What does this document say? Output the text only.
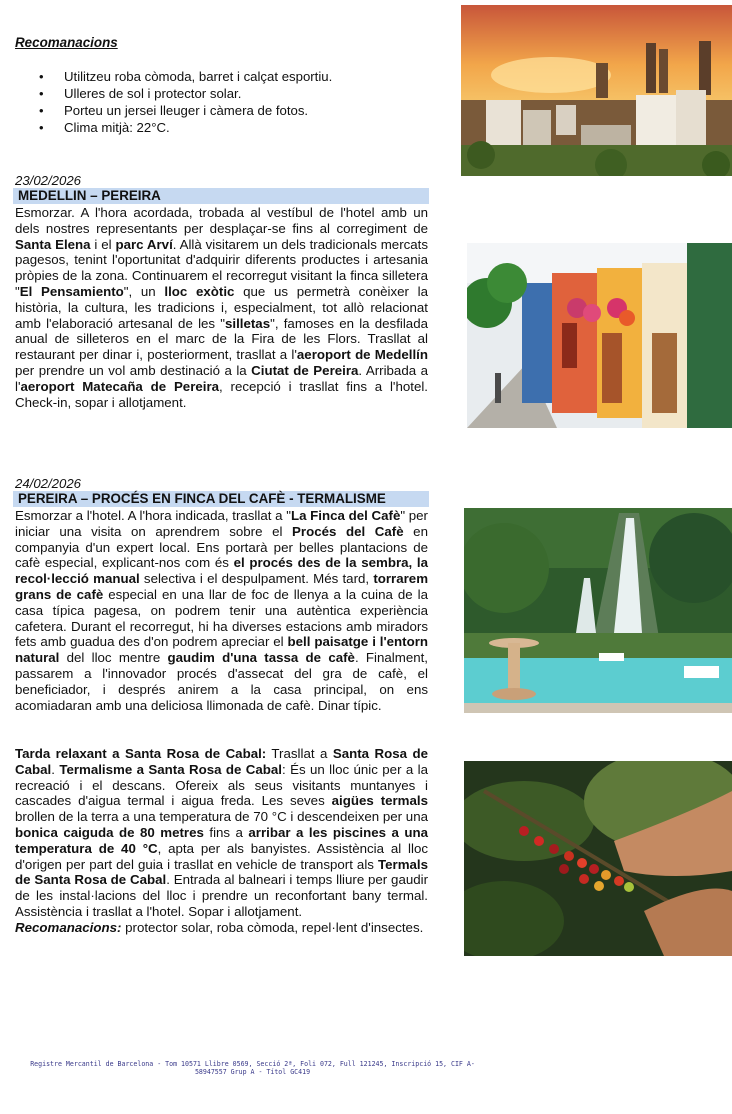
Recomanacions
• Utilitzeu roba còmoda, barret i calçat esportiu.
• Ulleres de sol i protector solar.
• Porteu un jersei lleuger i càmera de fotos.
• Clima mitjà: 22°C.
23/02/2026
MEDELLIN – PEREIRA

Esmorzar. A l'hora acordada, trobada al vestíbul de l'hotel amb un dels nostres representants per desplaçar-se fins al corregiment de Santa Elena i el parc Arví. Allà visitarem un dels tradicionals mercats pagesos, tenint l'oportunitat d'adquirir diferents productes i artesania pròpies de la zona. Continuarem el recorregut visitant la finca silletera "El Pensamiento", un lloc exòtic que us permetrà conèixer la història, la cultura, les tradicions i, especialment, tot allò relacionat amb l'elaboració artesanal de les "silletas", famoses en la desfilada anual de silleteros en el marc de la Fira de les Flors. Trasllat al restaurant per dinar i, posteriorment, trasllat a l'aeroport de Medellín per prendre un vol amb destinació a la Ciutat de Pereira. Arribada a l'aeroport Matecaña de Pereira, recepció i trasllat fins a l'hotel. Check-in, sopar i allotjament.

24/02/2026
PEREIRA – PROCÉS EN FINCA DEL CAFÈ - TERMALISME

Esmorzar a l'hotel. A l'hora indicada, trasllat a "La Finca del Cafè" per iniciar una visita on aprendrem sobre el Procés del Cafè en companyia d'un expert local. Ens portarà per belles plantacions de cafè especial, explicant-nos com és el procés des de la sembra, la recol·lecció manual selectiva i el despulpament. Més tard, torrarem grans de cafè especial en una llar de foc de llenya a la cuina de la casa típica pagesa, on podrem tenir una autèntica experiència cafetera. Durant el recorregut, hi ha diverses estacions amb miradors fets amb guadua des d'on podrem apreciar el bell paisatge i l'entorn natural del lloc mentre gaudim d'una tassa de cafè. Finalment, passarem a l'innovador procés d'assecat del gra de cafè, el beneficiador, i després anirem a la casa principal, on ens acomiadaran amb una deliciosa llimonada de cafè. Dinar típic.

Tarda relaxant a Santa Rosa de Cabal: Trasllat a Santa Rosa de Cabal. Termalisme a Santa Rosa de Cabal: És un lloc únic per a la recreació i el descans. Ofereix als seus visitants muntanyes i cascades d'aigua termal i aigua freda. Les seves aigües termals brollen de la terra a una temperatura de 70 °C i descendeixen per una bonica caiguda de 80 metres fins a arribar a les piscines a una temperatura de 40 °C, apta per als banyistes. Assistència al lloc d'origen per part del guia i trasllat en vehicle de transport als Termals de Santa Rosa de Cabal. Entrada al balneari i temps lliure per gaudir de les instal·lacions del lloc i prendre un reconfortant bany termal. Assistència i trasllat a l'hotel. Sopar i allotjament.
Recomanacions: protector solar, roba còmoda, repel·lent d'insectes.

Registre Mercantil de Barcelona - Tom 10571 Llibre 0569, Secció 2ª, Foli 072, Full 121245, Inscripció 15, CIF A-58947557 Grup A - Títol GC419
